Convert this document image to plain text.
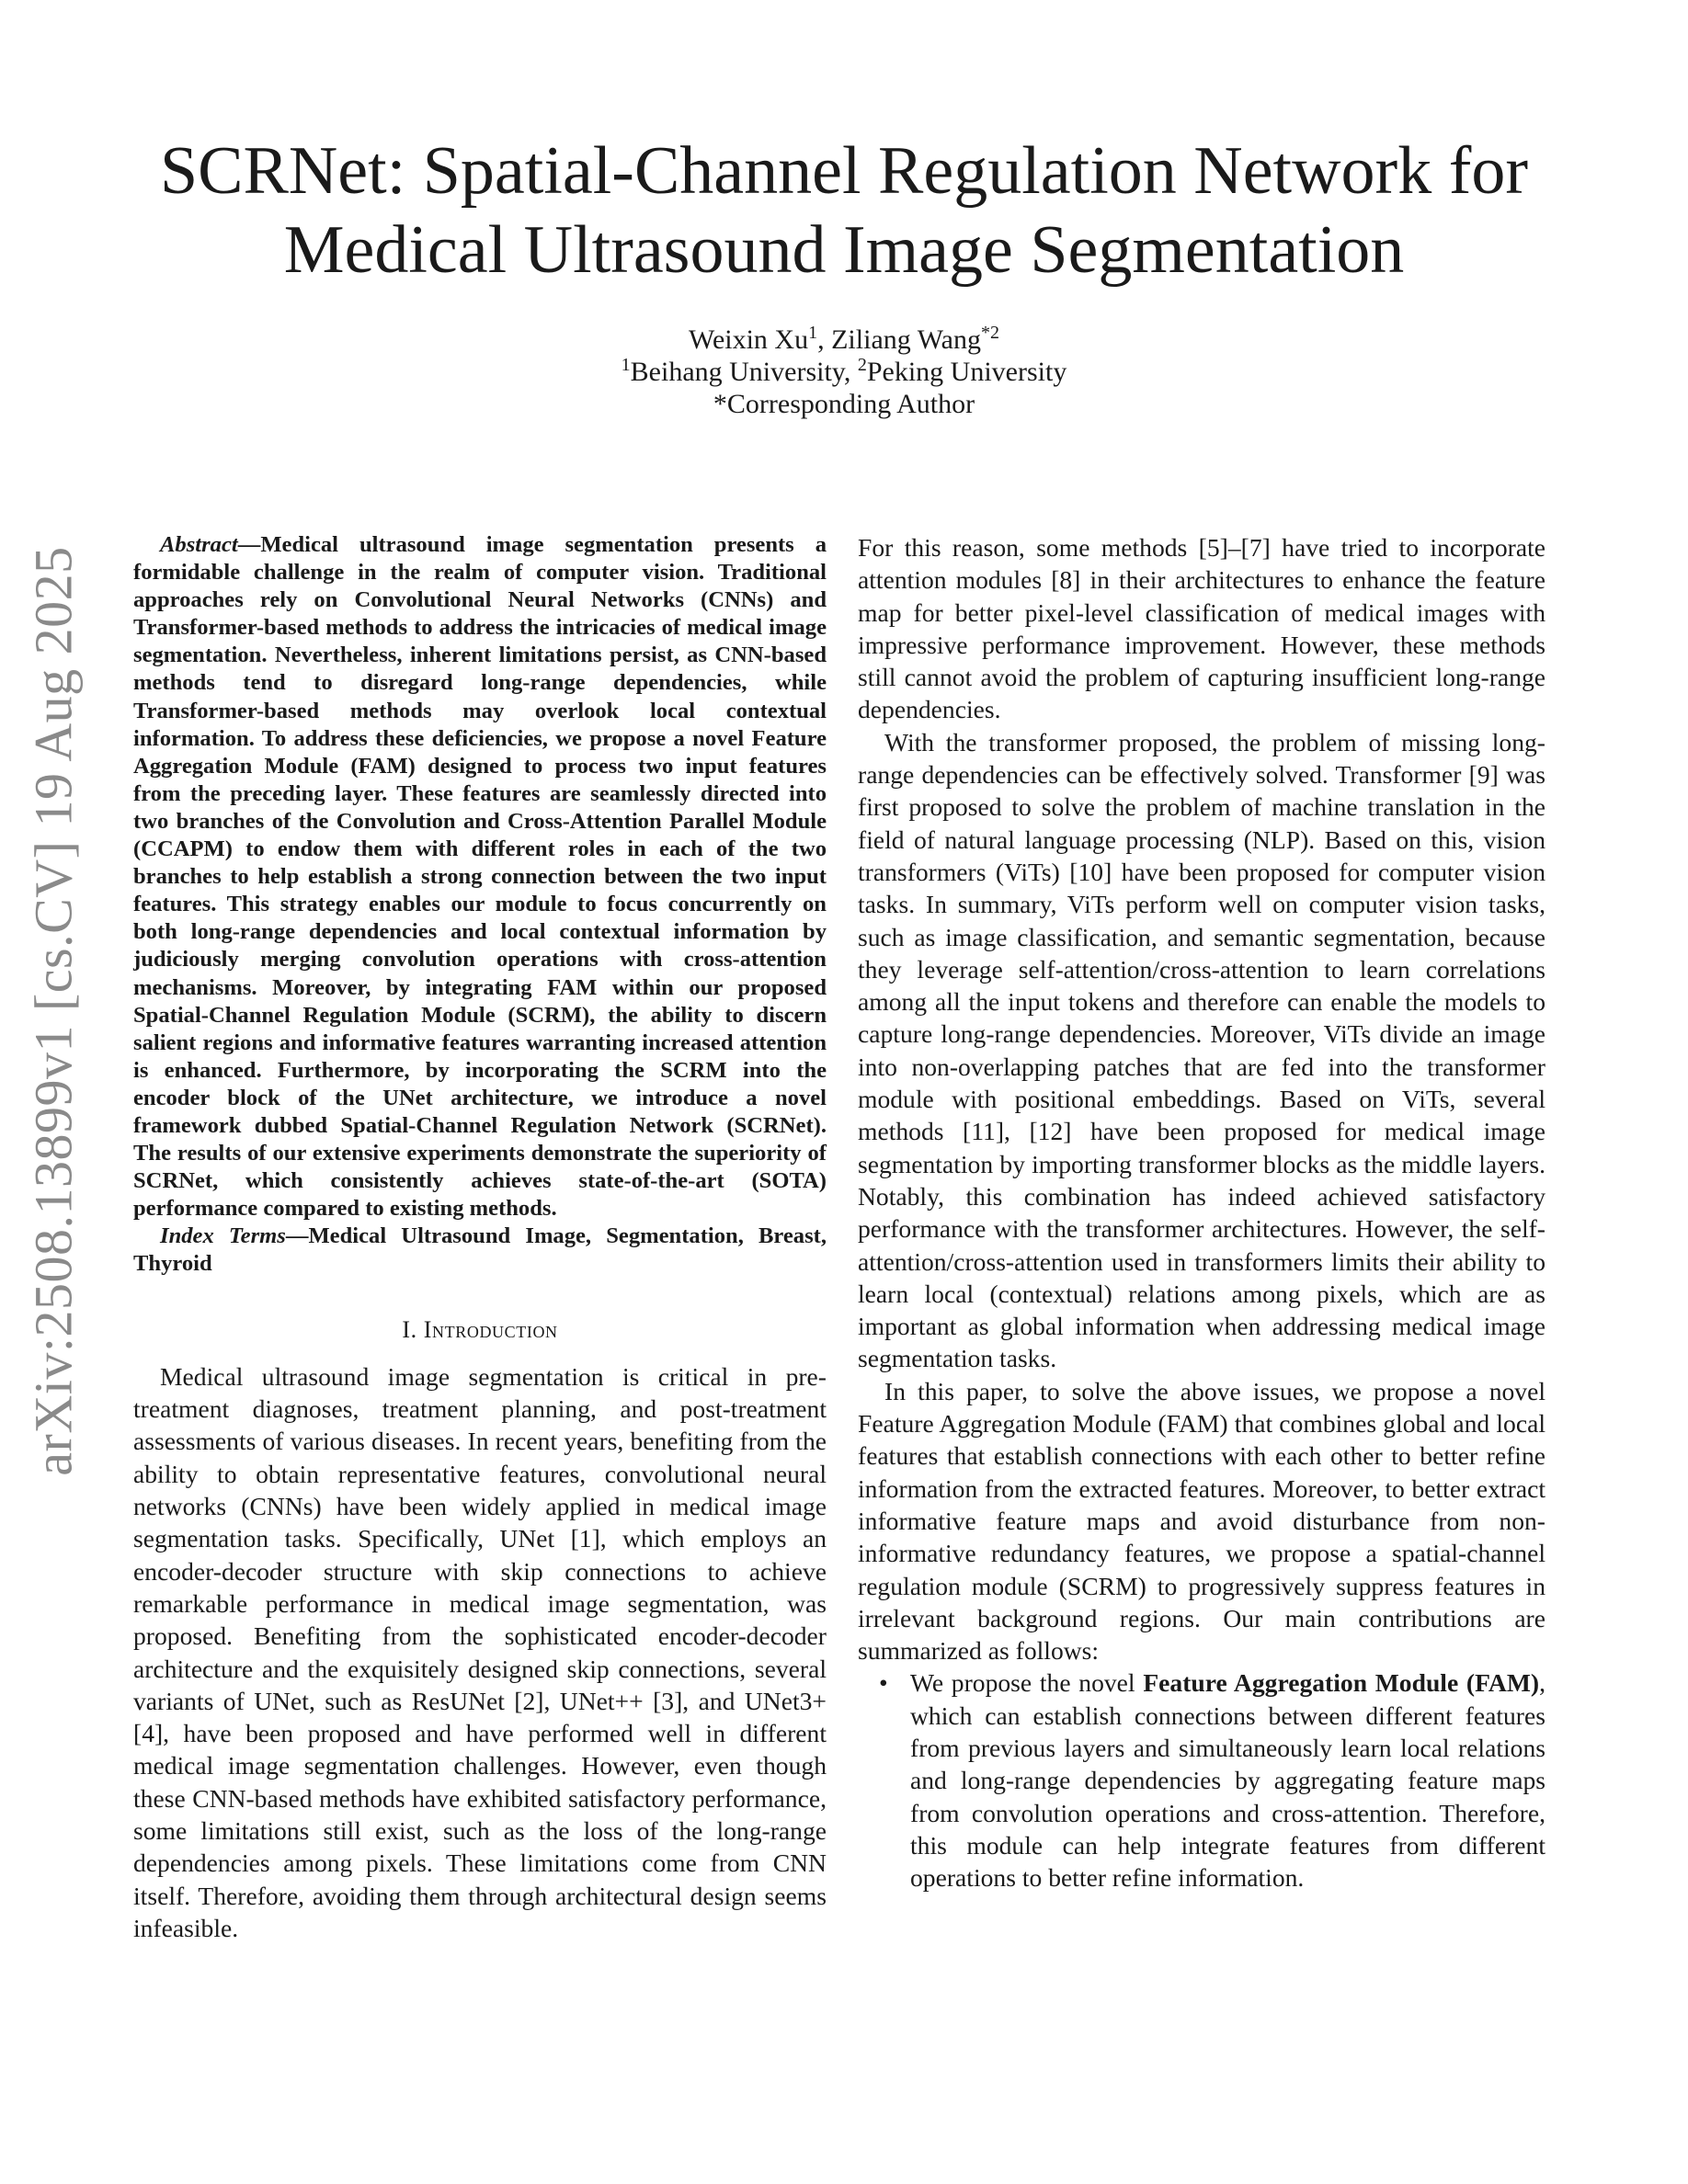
arXiv:2508.13899v1 [cs.CV] 19 Aug 2025
SCRNet: Spatial-Channel Regulation Network for
Medical Ultrasound Image Segmentation
Weixin Xu$^1$, Ziliang Wang$^{*2}$
$^1$Beihang University, $^2$Peking University
*Corresponding Author

Abstract—Medical ultrasound image segmentation presents a formidable challenge in the realm of computer vision. Traditional approaches rely on Convolutional Neural Networks (CNNs) and Transformer-based methods to address the intricacies of medical image segmentation. Nevertheless, inherent limitations persist, as CNN-based methods tend to disregard long-range dependencies, while Transformer-based methods may overlook local contextual information. To address these deficiencies, we propose a novel Feature Aggregation Module (FAM) designed to process two input features from the preceding layer. These features are seamlessly directed into two branches of the Convolution and Cross-Attention Parallel Module (CCAPM) to endow them with different roles in each of the two branches to help establish a strong connection between the two input features. This strategy enables our module to focus concurrently on both long-range dependencies and local contextual information by judiciously merging convolution operations with cross-attention mechanisms. Moreover, by integrating FAM within our proposed Spatial-Channel Regulation Module (SCRM), the ability to discern salient regions and informative features warranting increased attention is enhanced. Furthermore, by incorporating the SCRM into the encoder block of the UNet architecture, we introduce a novel framework dubbed Spatial-Channel Regulation Network (SCRNet). The results of our extensive experiments demonstrate the superiority of SCRNet, which consistently achieves state-of-the-art (SOTA) performance compared to existing methods.

Index Terms—Medical Ultrasound Image, Segmentation, Breast, Thyroid

I. Introduction

Medical ultrasound image segmentation is critical in pre-treatment diagnoses, treatment planning, and post-treatment assessments of various diseases. In recent years, benefiting from the ability to obtain representative features, convolutional neural networks (CNNs) have been widely applied in medical image segmentation tasks. Specifically, UNet [1], which employs an encoder-decoder structure with skip connections to achieve remarkable performance in medical image segmentation, was proposed. Benefiting from the sophisticated encoder-decoder architecture and the exquisitely designed skip connections, several variants of UNet, such as ResUNet [2], UNet++ [3], and UNet3+ [4], have been proposed and have performed well in different medical image segmentation challenges. However, even though these CNN-based methods have exhibited satisfactory performance, some limitations still exist, such as the loss of the long-range dependencies among pixels. These limitations come from CNN itself. Therefore, avoiding them through architectural design seems infeasible.

For this reason, some methods [5]–[7] have tried to incorporate attention modules [8] in their architectures to enhance the feature map for better pixel-level classification of medical images with impressive performance improvement. However, these methods still cannot avoid the problem of capturing insufficient long-range dependencies.

With the transformer proposed, the problem of missing long-range dependencies can be effectively solved. Transformer [9] was first proposed to solve the problem of machine translation in the field of natural language processing (NLP). Based on this, vision transformers (ViTs) [10] have been proposed for computer vision tasks. In summary, ViTs perform well on computer vision tasks, such as image classification, and semantic segmentation, because they leverage self-attention/cross-attention to learn correlations among all the input tokens and therefore can enable the models to capture long-range dependencies. Moreover, ViTs divide an image into non-overlapping patches that are fed into the transformer module with positional embeddings. Based on ViTs, several methods [11], [12] have been proposed for medical image segmentation by importing transformer blocks as the middle layers. Notably, this combination has indeed achieved satisfactory performance with the transformer architectures. However, the self-attention/cross-attention used in transformers limits their ability to learn local (contextual) relations among pixels, which are as important as global information when addressing medical image segmentation tasks.

In this paper, to solve the above issues, we propose a novel Feature Aggregation Module (FAM) that combines global and local features that establish connections with each other to better refine information from the extracted features. Moreover, to better extract informative feature maps and avoid disturbance from non-informative redundancy features, we propose a spatial-channel regulation module (SCRM) to progressively suppress features in irrelevant background regions. Our main contributions are summarized as follows:

• We propose the novel Feature Aggregation Module (FAM), which can establish connections between different features from previous layers and simultaneously learn local relations and long-range dependencies by aggregating feature maps from convolution operations and cross-attention. Therefore, this module can help integrate features from different operations to better refine information.
